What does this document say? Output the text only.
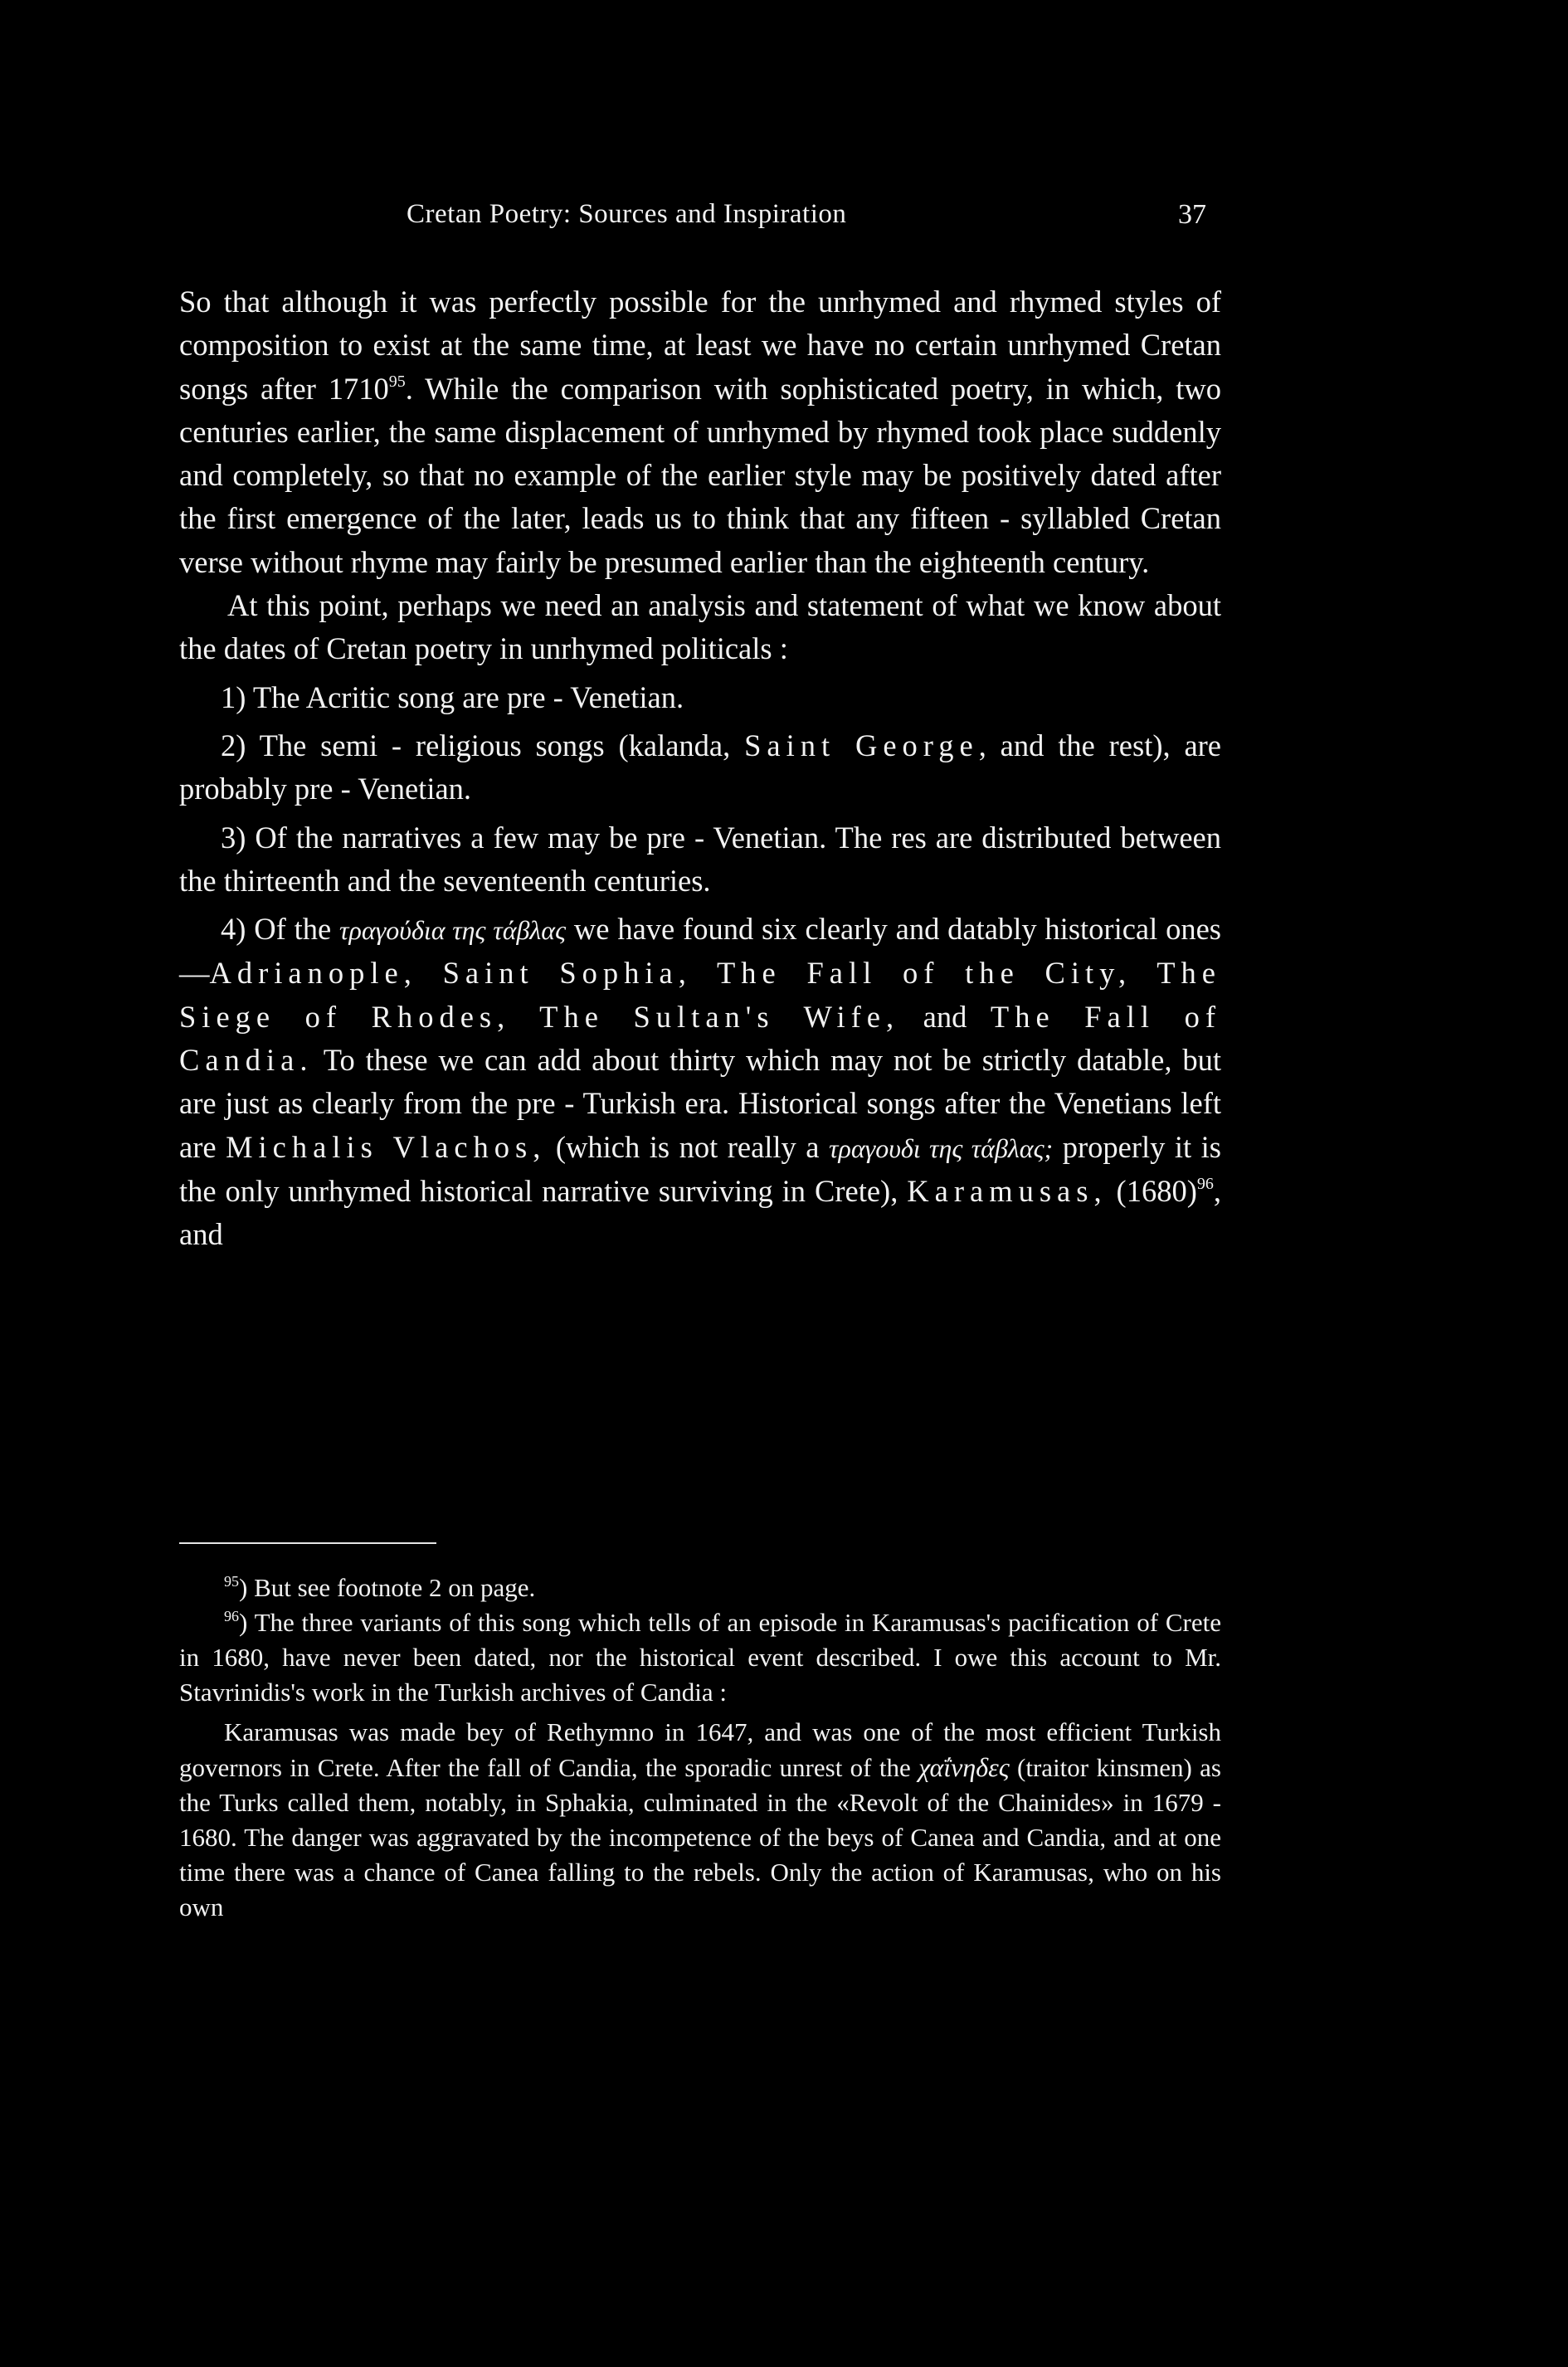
Cretan Poetry: Sources and Inspiration	37

So that although it was perfectly possible for the unrhymed and rhymed styles of composition to exist at the same time, at least we have no certain unrhymed Cretan songs after 1710$^{95}$. While the comparison with sophisticated poetry, in which, two centuries earlier, the same displacement of unrhymed by rhymed took place suddenly and completely, so that no example of the earlier style may be positively dated after the first emergence of the later, leads us to think that any fifteen - syllabled Cretan verse without rhyme may fairly be presumed earlier than the eighteenth century.

At this point, perhaps we need an analysis and statement of what we know about the dates of Cretan poetry in unrhymed politicals :

1) The Acritic song are pre - Venetian.

2) The semi - religious songs (kalanda, Saint George, and the rest), are probably pre - Venetian.

3) Of the narratives a few may be pre - Venetian. The res are distributed between the thirteenth and the seventeenth centuries.

4) Of the τραγούδια της τάβλας we have found six clearly and datably historical ones—Adrianople, Saint Sophia, The Fall of the City, The Siege of Rhodes, The Sultan's Wife, and The Fall of Candia. To these we can add about thirty which may not be strictly datable, but are just as clearly from the pre - Turkish era. Historical songs after the Venetians left are Michalis Vlachos, (which is not really a τραγουδι της τάβλας; properly it is the only unrhymed historical narrative surviving in Crete), Karamusas, $(1680)^{96}$, and

$^{95}$) But see footnote 2 on page.

$^{96}$) The three variants of this song which tells of an episode in Karamusas's pacification of Crete in 1680, have never been dated, nor the historical event described. I owe this account to Mr. Stavrinidis's work in the Turkish archives of Candia :

Karamusas was made bey of Rethymno in 1647, and was one of the most efficient Turkish governors in Crete. After the fall of Candia, the sporadic unrest of the χαΐνηδες (traitor kinsmen) as the Turks called them, notably, in Sphakia, culminated in the «Revolt of the Chainides» in 1679 - 1680. The danger was aggravated by the incompetence of the beys of Canea and Candia, and at one time there was a chance of Canea falling to the rebels. Only the action of Karamusas, who on his own
